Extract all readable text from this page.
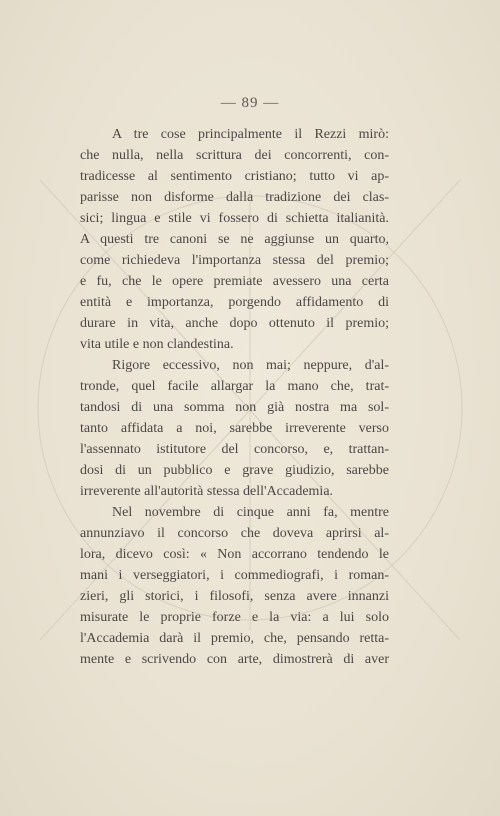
— 89 —
A tre cose principalmente il Rezzi mirò:
che nulla, nella scrittura dei concorrenti, con-
tradicesse al sentimento cristiano; tutto vi ap-
parisse non disforme dalla tradizione dei clas-
sici; lingua e stile vi fossero di schietta italianità.
A questi tre canoni se ne aggiunse un quarto,
come richiedeva l'importanza stessa del premio;
e fu, che le opere premiate avessero una certa
entità e importanza, porgendo affidamento di
durare in vita, anche dopo ottenuto il premio;
vita utile e non clandestina.
Rigore eccessivo, non mai; neppure, d'al-
tronde, quel facile allargar la mano che, trat-
tandosi di una somma non già nostra ma sol-
tanto affidata a noi, sarebbe irreverente verso
l'assennato istitutore del concorso, e, trattan-
dosi di un pubblico e grave giudizio, sarebbe
irreverente all'autorità stessa dell'Accademia.
Nel novembre di cinque anni fa, mentre
annunziavo il concorso che doveva aprirsi al-
lora, dicevo così: « Non accorrano tendendo le
mani i verseggiatori, i commediografi, i roman-
zieri, gli storici, i filosofi, senza avere innanzi
misurate le proprie forze e la via: a lui solo
l'Accademia darà il premio, che, pensando retta-
mente e scrivendo con arte, dimostrerà di aver
